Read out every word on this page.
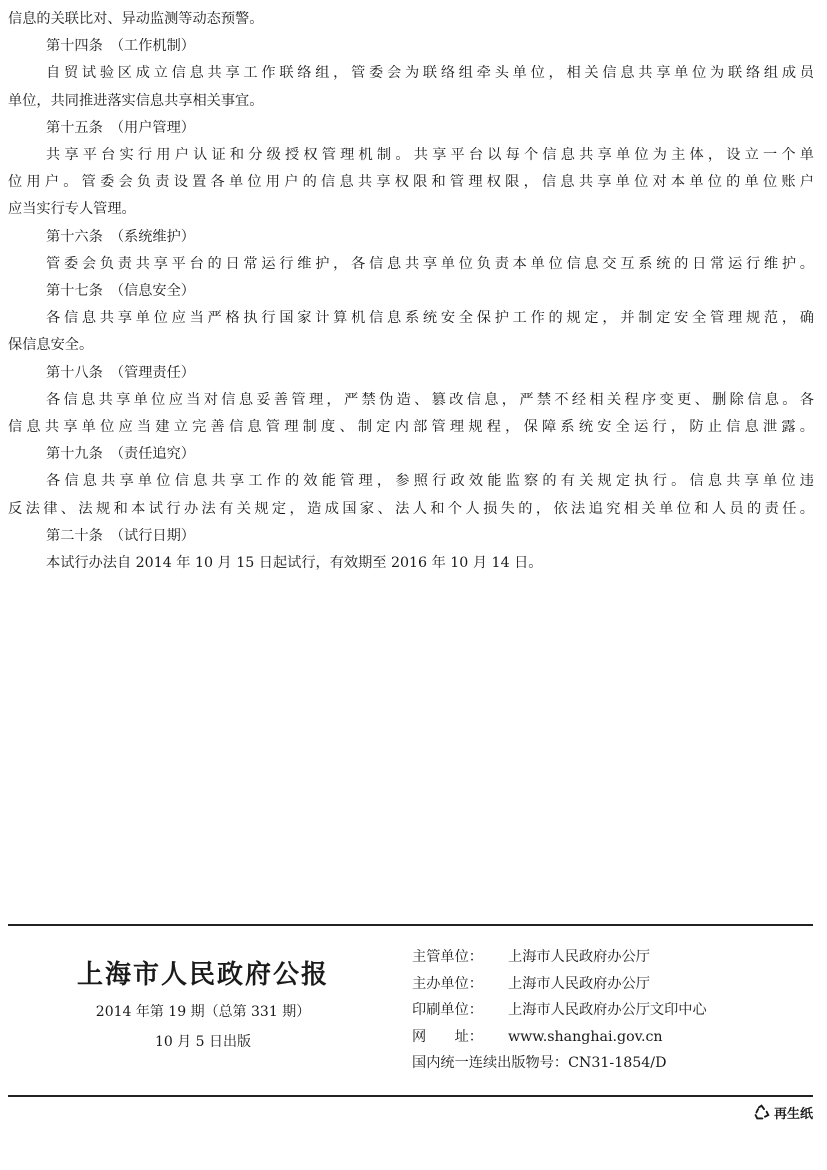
信息的关联比对、异动监测等动态预警。
第十四条　（工作机制）
自贸试验区成立信息共享工作联络组，管委会为联络组牵头单位，相关信息共享单位为联络组成员
单位，共同推进落实信息共享相关事宜。
第十五条　（用户管理）
共享平台实行用户认证和分级授权管理机制。共享平台以每个信息共享单位为主体，设立一个单
位用户。管委会负责设置各单位用户的信息共享权限和管理权限，信息共享单位对本单位的单位账户
应当实行专人管理。
第十六条　（系统维护）
管委会负责共享平台的日常运行维护，各信息共享单位负责本单位信息交互系统的日常运行维护。
第十七条　（信息安全）
各信息共享单位应当严格执行国家计算机信息系统安全保护工作的规定，并制定安全管理规范，确
保信息安全。
第十八条　（管理责任）
各信息共享单位应当对信息妥善管理，严禁伪造、篡改信息，严禁不经相关程序变更、删除信息。各
信息共享单位应当建立完善信息管理制度、制定内部管理规程，保障系统安全运行，防止信息泄露。
第十九条　（责任追究）
各信息共享单位信息共享工作的效能管理，参照行政效能监察的有关规定执行。信息共享单位违
反法律、法规和本试行办法有关规定，造成国家、法人和个人损失的，依法追究相关单位和人员的责任。
第二十条　（试行日期）
本试行办法自 2014 年 10 月 15 日起试行，有效期至 2016 年 10 月 14 日。
上海市人民政府公报
2014 年第 19 期（总第 331 期）
10 月 5 日出版
主管单位：	上海市人民政府办公厅
主办单位：	上海市人民政府办公厅
印刷单位：	上海市人民政府办公厅文印中心
网　　址：	www.shanghai.gov.cn
国内统一连续出版物号： CN31-1854/D
再生纸
